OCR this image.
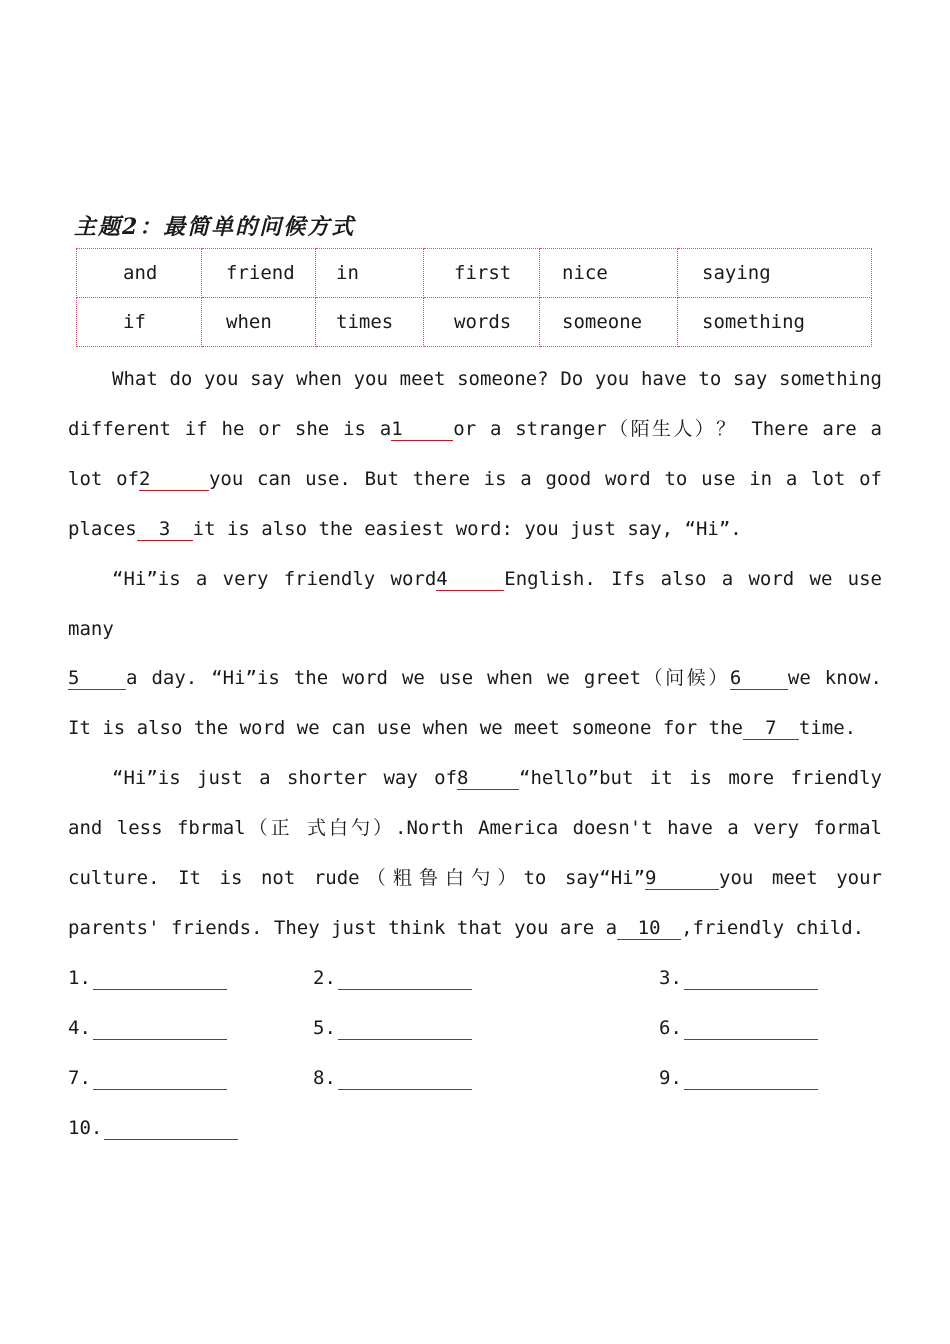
主题2：最简单的问候方式
and	friend	in	first	nice	saying
if	when	times	words	someone	something
What do you say when you meet someone? Do you have to say something
different if he or she is a1	or a stranger（陌生人）？ There are a
lot of2	you can use. But there is a good word to use in a lot of
places 3 it is also the easiest word: you just say, “Hi”.
“Hi”is a very friendly word4	English. Ifs also a word we use
many
5 a day. “Hi”is the word we use when we greet（问候）6 we know.
It is also the word we can use when we meet someone for the 7 time.
“Hi”is just a shorter way of8	“hello”but it is more friendly
and less fbrmal（正 式白勺）.North America doesn't have a very formal
culture. It is not rude（粗鲁白勺）to say“Hi”9	you meet your
parents' friends. They just think that you are a 10 ,friendly child.
1.	2.	3.
4.	5.	6.
7.	8.	9.
10.
